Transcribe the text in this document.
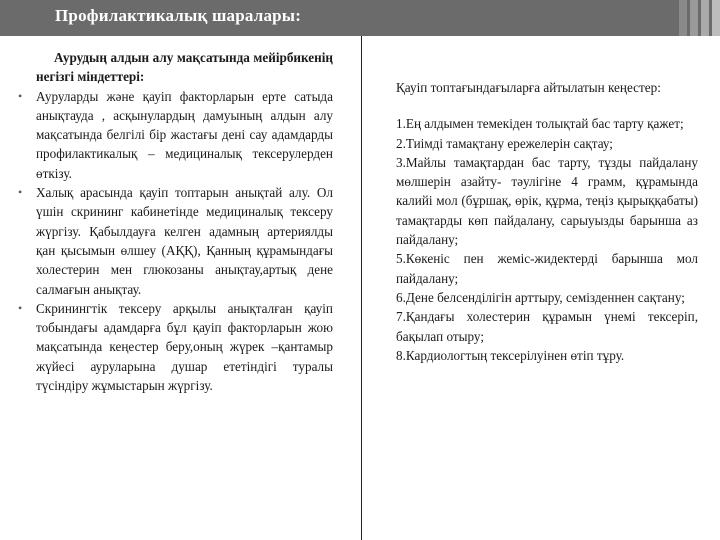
Профилактикалық шаралары:
Аурудың алдын алу мақсатында мейірбикенің негізгі міндеттері:
• Ауруларды және қауіп факторларын ерте сатыда анықтауда , асқынулардың дамуының алдын алу мақсатында белгілі бір жастағы дені сау адамдарды профилактикалық – медициналық тексерулерден өткізу.
• Халық арасында қауіп топтарын анықтай алу. Ол үшін скрининг кабинетінде медициналық тексеру жүргізу. Қабылдауға келген адамның артериялды қан қысымын өлшеу (АҚҚ), Қанның құрамындағы холестерин мен глюкозаны анықтау,артық дене салмағын анықтау.
• Скринингтік тексеру арқылы анықталған қауіп тобындағы адамдарға бұл қауіп факторларын жою мақсатында кеңестер беру,оның жүрек –қантамыр жүйесі ауруларына душар ететіндігі туралы түсіндіру жұмыстарын жүргізу.
Қауіп топтағындағыларға айтылатын кеңестер:
1.Ең алдымен темекіден толықтай бас тарту қажет;
2.Тиімді тамақтану ережелерін сақтау;
3.Майлы тамақтардан бас тарту, тұзды пайдалану мөлшерін азайту- тәулігіне 4 грамм, құрамында калийі мол (бұршақ, өрік, құрма, теңіз қырыққабаты) тамақтарды көп пайдалану, сарыуызды барынша аз пайдалану;
5.Көкеніс пен жеміс-жидектерді барынша мол пайдалану;
6.Дене белсенділігін арттыру, семізденнен сақтану;
7.Қандағы холестерин құрамын үнемі тексеріп, бақылап отыру;
8.Кардиологтың тексерілуінен өтіп тұру.
